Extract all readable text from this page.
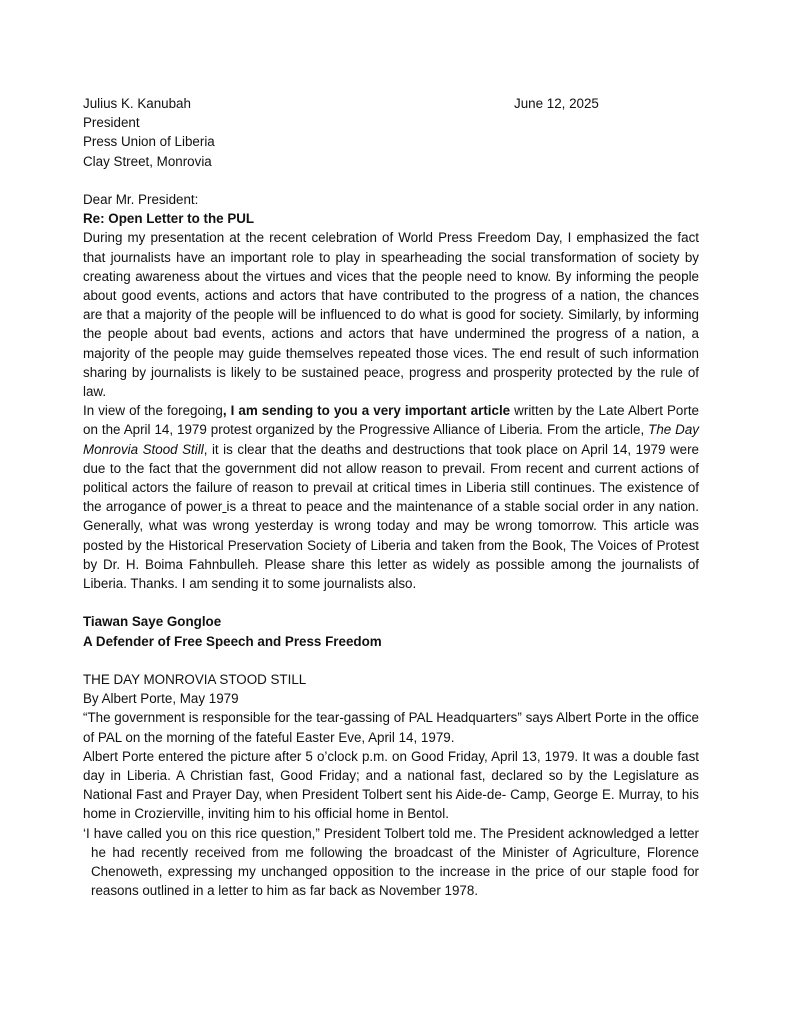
Julius K. Kanubah	June 12, 2025
President
Press Union of Liberia
Clay Street, Monrovia
Dear Mr. President:
Re: Open Letter to the PUL

During my presentation at the recent celebration of World Press Freedom Day, I emphasized the fact that journalists have an important role to play in spearheading the social transformation of society by creating awareness about the virtues and vices that the people need to know. By informing the people about good events, actions and actors that have contributed to the progress of a nation, the chances are that a majority of the people will be influenced to do what is good for society. Similarly, by informing the people about bad events, actions and actors that have undermined the progress of a nation, a majority of the people may guide themselves repeated those vices. The end result of such information sharing by journalists is likely to be sustained peace, progress and prosperity protected by the rule of law.

In view of the foregoing, I am sending to you a very important article written by the Late Albert Porte on the April 14, 1979 protest organized by the Progressive Alliance of Liberia. From the article, The Day Monrovia Stood Still, it is clear that the deaths and destructions that took place on April 14, 1979 were due to the fact that the government did not allow reason to prevail. From recent and current actions of political actors the failure of reason to prevail at critical times in Liberia still continues. The existence of the arrogance of power is a threat to peace and the maintenance of a stable social order in any nation. Generally, what was wrong yesterday is wrong today and may be wrong tomorrow. This article was posted by the Historical Preservation Society of Liberia and taken from the Book, The Voices of Protest by Dr. H. Boima Fahnbulleh. Please share this letter as widely as possible among the journalists of Liberia. Thanks. I am sending it to some journalists also.

Tiawan Saye Gongloe
A Defender of Free Speech and Press Freedom
THE DAY MONROVIA STOOD STILL
By Albert Porte, May 1979

“The government is responsible for the tear-gassing of PAL Headquarters” says Albert Porte in the office of PAL on the morning of the fateful Easter Eve, April 14, 1979.

Albert Porte entered the picture after 5 o’clock p.m. on Good Friday, April 13, 1979. It was a double fast day in Liberia. A Christian fast, Good Friday; and a national fast, declared so by the Legislature as National Fast and Prayer Day, when President Tolbert sent his Aide-de- Camp, George E. Murray, to his home in Crozierville, inviting him to his official home in Bentol.

‘I have called you on this rice question,” President Tolbert told me. The President acknowledged a letter he had recently received from me following the broadcast of the Minister of Agriculture, Florence Chenoweth, expressing my unchanged opposition to the increase in the price of our staple food for reasons outlined in a letter to him as far back as November 1978.
